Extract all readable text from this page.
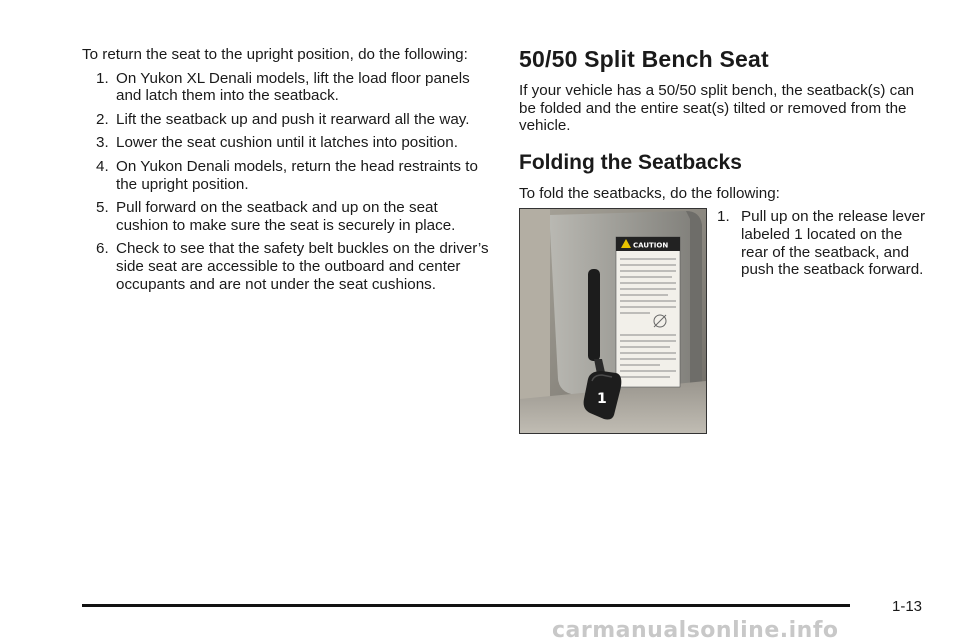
To return the seat to the upright position, do the following:

1. On Yukon XL Denali models, lift the load floor panels and latch them into the seatback.
2. Lift the seatback up and push it rearward all the way.
3. Lower the seat cushion until it latches into position.
4. On Yukon Denali models, return the head restraints to the upright position.
5. Pull forward on the seatback and up on the seat cushion to make sure the seat is securely in place.
6. Check to see that the safety belt buckles on the driver’s side seat are accessible to the outboard and center occupants and are not under the seat cushions.
50/50 Split Bench Seat

If your vehicle has a 50/50 split bench, the seatback(s) can be folded and the entire seat(s) tilted or removed from the vehicle.

Folding the Seatbacks

To fold the seatbacks, do the following:

CAUTION
1
1. Pull up on the release lever labeled 1 located on the rear of the seatback, and push the seatback forward.
1-13
carmanualsonline.info
